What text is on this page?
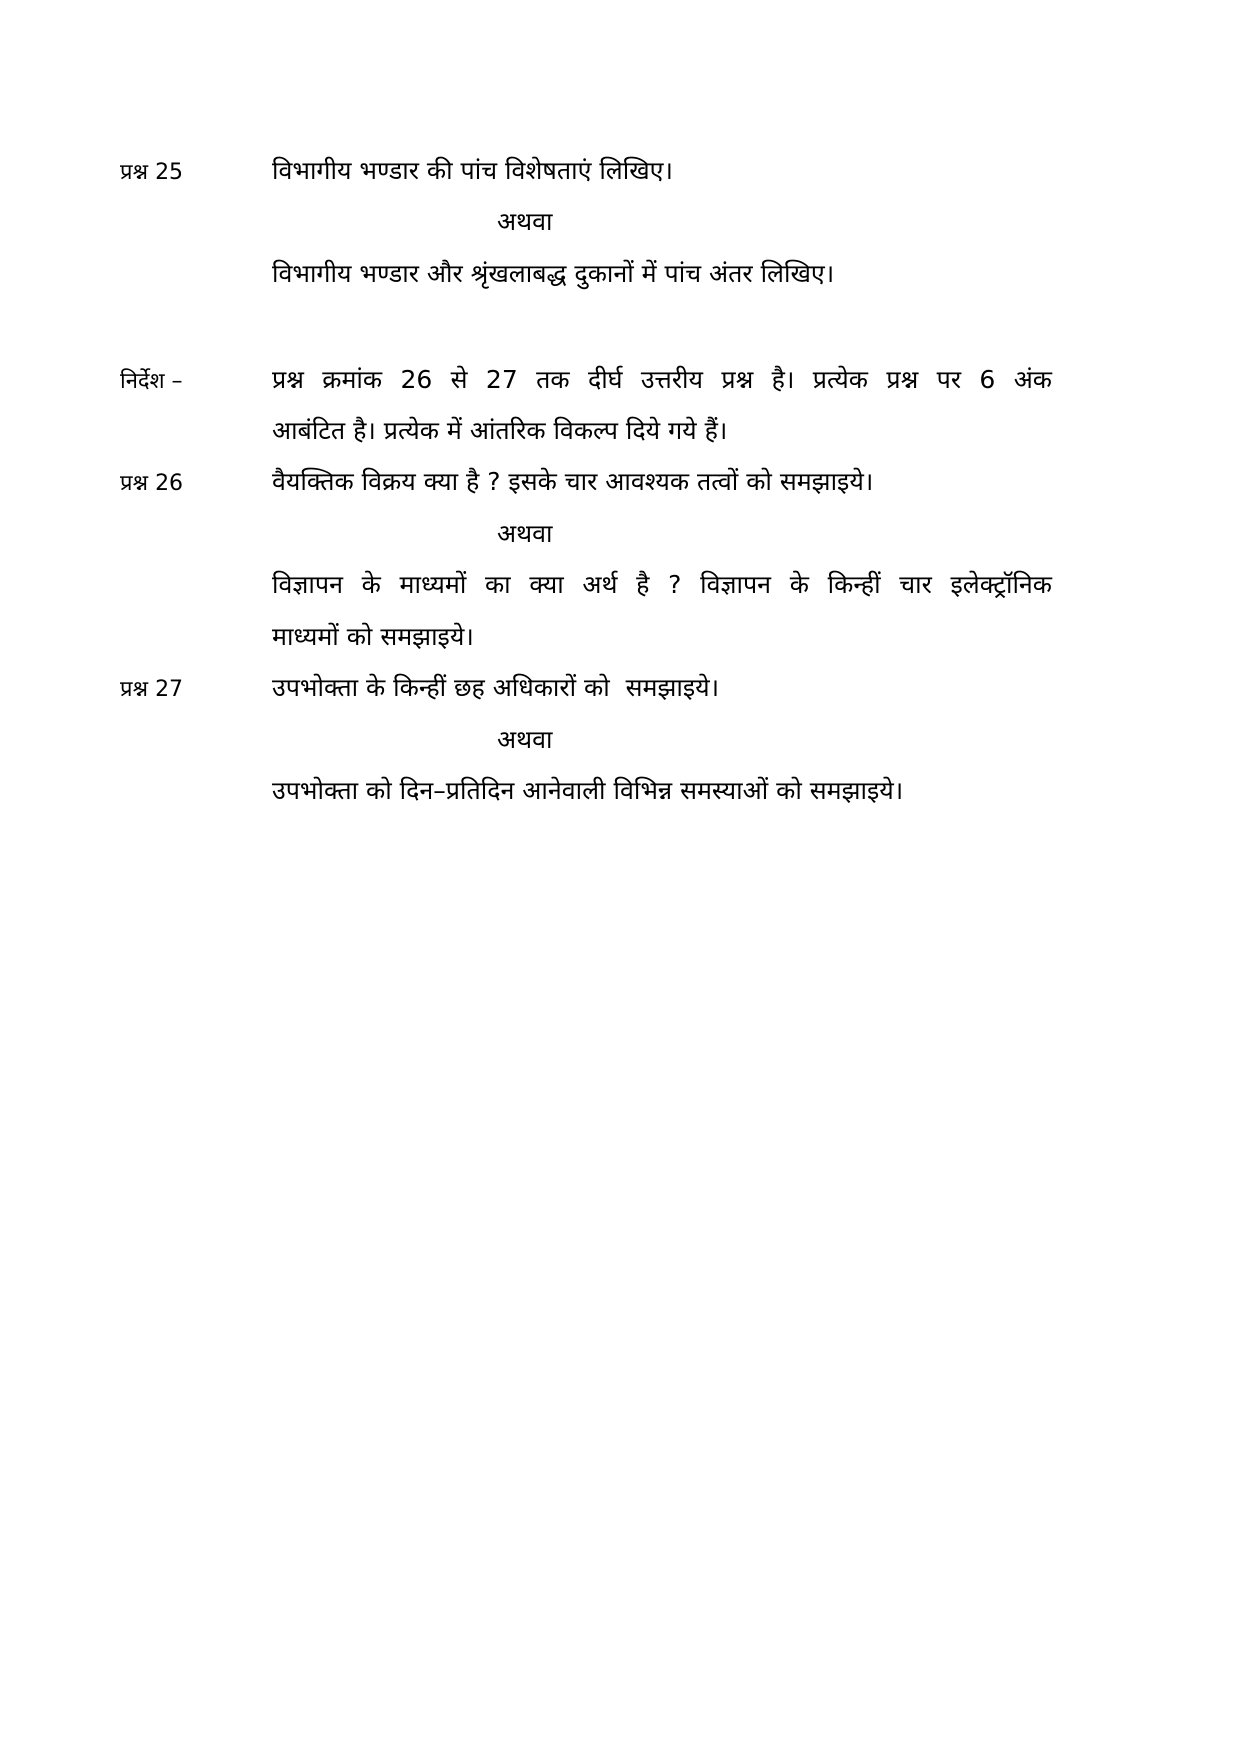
प्रश्न 25	विभागीय भण्डार की पांच विशेषताएं लिखिए।
अथवा
विभागीय भण्डार और श्रृंखलाबद्ध दुकानों में पांच अंतर लिखिए।
निर्देश –	प्रश्न क्रमांक 26 से 27 तक दीर्घ उत्तरीय प्रश्न है। प्रत्येक प्रश्न पर 6 अंक
आबंटित है। प्रत्येक में आंतरिक विकल्प दिये गये हैं।
प्रश्न 26	वैयक्तिक विक्रय क्या है ? इसके चार आवश्यक तत्वों को समझाइये।
अथवा
विज्ञापन के माध्यमों का क्या अर्थ है ? विज्ञापन के किन्हीं चार इलेक्ट्रॉनिक
माध्यमों को समझाइये।
प्रश्न 27	उपभोक्ता के किन्हीं छह अधिकारों को  समझाइये।
अथवा
उपभोक्ता को दिन–प्रतिदिन आनेवाली विभिन्न समस्याओं को समझाइये।
